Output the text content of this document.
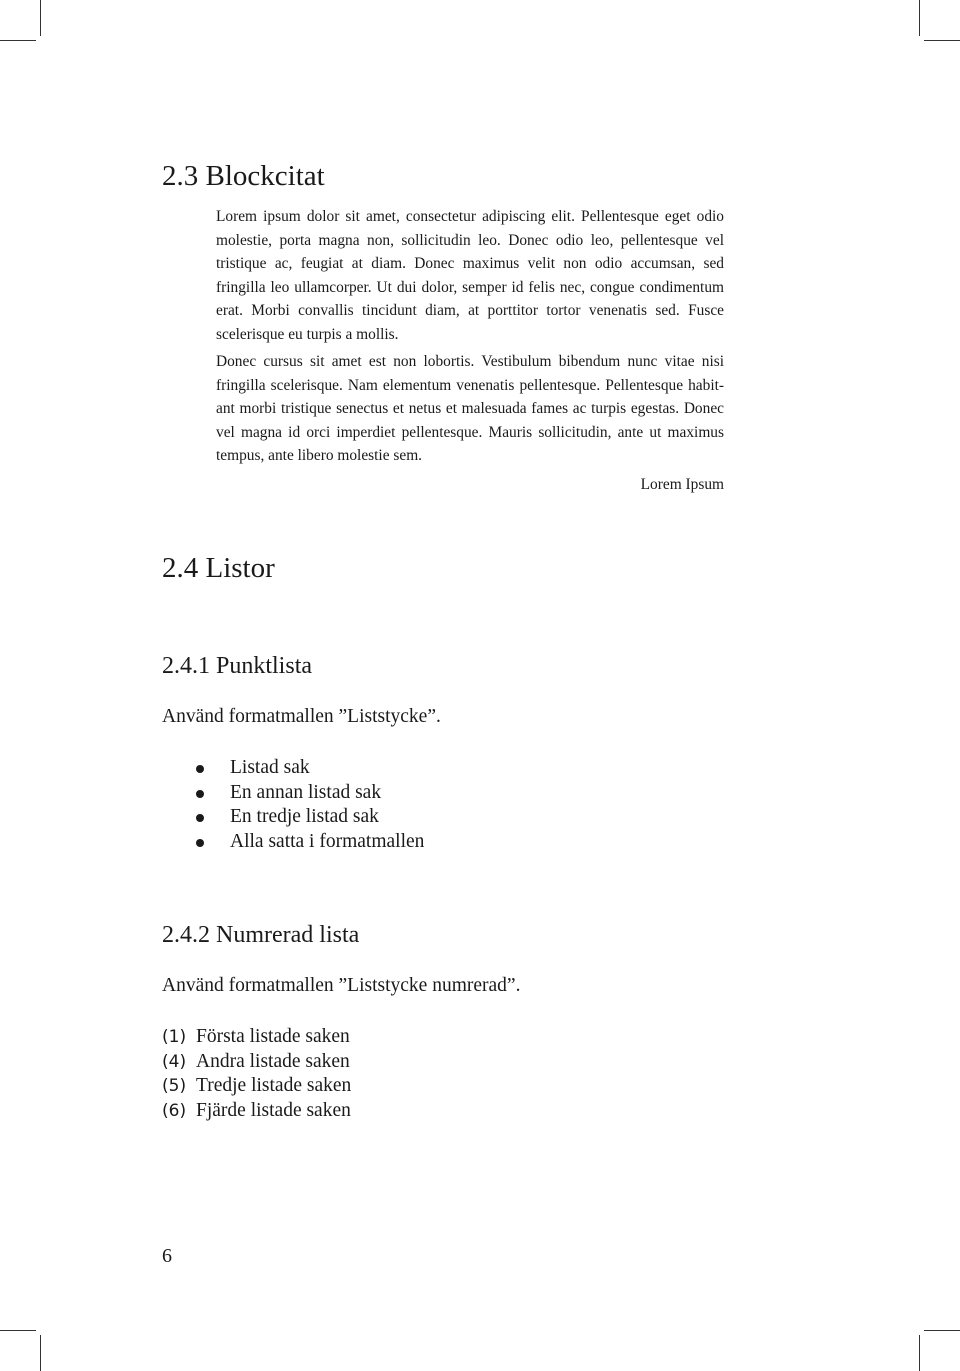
2.3 Blockcitat

Lorem ipsum dolor sit amet, consectetur adipiscing elit. Pellentesque eget odio molestie, porta magna non, sollicitudin leo. Donec odio leo, pellentesque vel tristique ac, feugiat at diam. Donec maximus velit non odio accumsan, sed fringilla leo ullamcorper. Ut dui dolor, semper id felis nec, congue condimentum erat. Morbi convallis tincidunt diam, at porttitor tortor venenatis sed. Fusce scelerisque eu turpis a mollis.

Donec cursus sit amet est non lobortis. Vestibulum bibendum nunc vitae nisi fringilla scelerisque. Nam elementum venenatis pellentesque. Pellentesque habit-ant morbi tristique senectus et netus et malesuada fames ac turpis egestas. Donec vel magna id orci imperdiet pellentesque. Mauris sollicitudin, ante ut maximus tempus, ante libero molestie sem.

Lorem Ipsum

2.4 Listor
2.4.1 Punktlista

Använd formatmallen ”Liststycke”.

Listad sak
En annan listad sak
En tredje listad sak
Alla satta i formatmallen
2.4.2 Numrerad lista

Använd formatmallen ”Liststycke numrerad”.

(1) Första listade saken
(4) Andra listade saken
(5) Tredje listade saken
(6) Fjärde listade saken

6
